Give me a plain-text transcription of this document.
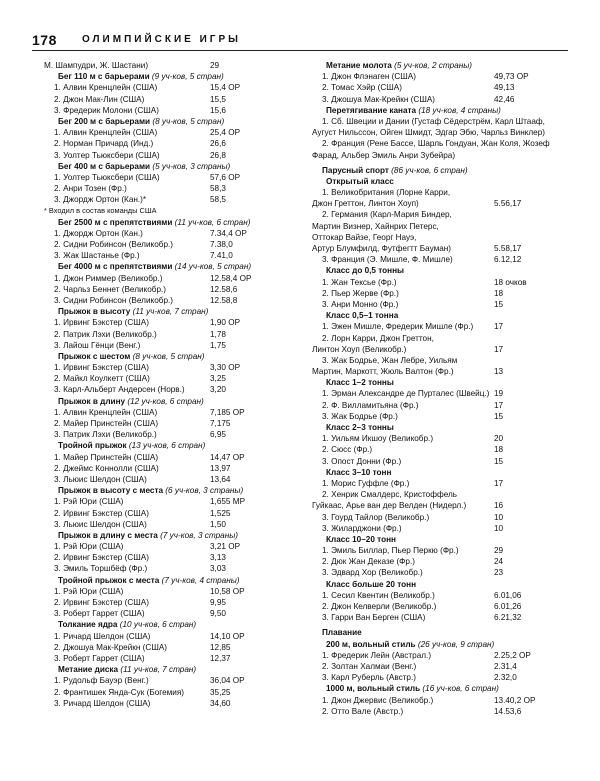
178	ОЛИМПИЙСКИЕ ИГРЫ
М. Шампудри, Ж. Шастани)	29
Бег 110 м с барьерами (9 уч-ков, 5 стран)
1. Алвин Кренцлейн (США)	15,4 ОР
2. Джон Мак-Лин (США)	15,5
3. Фредерик Молони (США)	15,6
Бег 200 м с барьерами (8 уч-ков, 5 стран)
1. Алвин Кренцлейн (США)	25,4 ОР
2. Норман Причард (Инд.)	26,6
3. Уолтер Тьюксбери (США)	26,8
Бег 400 м с барьерами (5 уч-ков, 3 страны)
1. Уолтер Тьюксбери (США)	57,6 ОР
2. Анри Тозен (Фр.)	58,3
3. Джордж Ортон (Кан.)*	58,5
* Входил в состав команды США
Бег 2500 м с препятствиями (11 уч-ков, 6 стран)
1. Джордж Ортон (Кан.)	7.34,4 ОР
2. Сидни Робинсон (Великобр.)	7.38,0
3. Жак Шастанье (Фр.)	7.41,0
Бег 4000 м с препятствиями (14 уч-ков, 5 стран)
1. Джон Риммер (Великобр.)	12.58,4 ОР
2. Чарльз Беннет (Великобр.)	12.58,6
3. Сидни Робинсон (Великобр.)	12.58,8
Прыжок в высоту (11 уч-ков, 7 стран)
1. Ирвинг Бэкстер (США)	1,90 ОР
2. Патрик Лэхи (Великобр.)	1,78
3. Лайош Гёнци (Венг.)	1,75
Прыжок с шестом (8 уч-ков, 5 стран)
1. Ирвинг Бэкстер (США)	3,30 ОР
2. Майкл Коулкетт (США)	3,25
3. Карл-Альберт Андерсен (Норв.)	3,20
Прыжок в длину (12 уч-ков, 6 стран)
1. Алвин Кренцлейн (США)	7,185 ОР
2. Майер Принстейн (США)	7,175
3. Патрик Лэхи (Великобр.)	6,95
Тройной прыжок (13 уч-ков, 6 стран)
1. Майер Принстейн (США)	14,47 ОР
2. Джеймс Коннолли (США)	13,97
3. Льюис Шелдон (США)	13,64
Прыжок в высоту с места (6 уч-ков, 3 страны)
1. Рэй Юри (США)	1,655 МР
2. Ирвинг Бэкстер (США)	1,525
3. Льюис Шелдон (США)	1,50
Прыжок в длину с места (7 уч-ков, 3 страны)
1. Рэй Юри (США)	3,21 ОР
2. Ирвинг Бэкстер (США)	3,13
3. Эмиль Торшбёф (Фр.)	3,03
Тройной прыжок с места (7 уч-ков, 4 страны)
1. Рэй Юри (США)	10,58 ОР
2. Ирвинг Бэкстер (США)	9,95
3. Роберт Гаррет (США)	9,50
Толкание ядра (10 уч-ков, 6 стран)
1. Ричард Шелдон (США)	14,10 ОР
2. Джошуа Мак-Крейкн (США)	12,85
3. Роберт Гаррет (США)	12,37
Метание диска (11 уч-ков, 7 стран)
1. Рудольф Бауэр (Венг.)	36,04 ОР
2. Франтишек Янда-Сук (Богемия)	35,25
3. Ричард Шелдон (США)	34,60
Метание молота (5 уч-ков, 2 страны)
1. Джон Флэнаген (США)	49,73 ОР
2. Томас Хэйр (США)	49,13
3. Джошуа Мак-Крейкн (США)	42,46
Перетягивание каната (18 уч-ков, 4 страны)
1. Сб. Швеции и Дании (Густаф Сёдерстрём, Карл Штааф,
Аугуст Нильссон, Ойген Шмидт, Эдгар Эбю, Чарльз Винклер)
2. Франция (Рене Бассе, Шарль Гондуан, Жан Коля, Жозеф
Фарад, Альбер Эмиль Анри Зубейра)
Парусный спорт (86 уч-ков, 6 стран)
Открытый класс
1. Великобритания (Лорне Карри,
Джон Греттон, Линтон Хоуп)	5.56,17
2. Германия (Карл-Мария Биндер,
Мартин Визнер, Хайнрих Петерс,
Оттокар Вайзе, Георг Науэ,
Артур Блумфилд, Футфегтт Бауман)	5.58,17
3. Франция (Э. Мишле, Ф. Мишле)	6.12,12
Класс до 0,5 тонны
1. Жан Тексье (Фр.)	18 очков
2. Пьер Жерве (Фр.)	18
3. Анри Монно (Фр.)	15
Класс 0,5–1 тонна
1. Эжен Мишле, Фредерик Мишле (Фр.)	17
2. Лорн Карри, Джон Греттон,
Линтон Хоуп (Великобр.)	17
3. Жак Бодрье, Жан Лебре, Уильям
Мартин, Маркотт, Жюль Валтон (Фр.)	13
Класс 1–2 тонны
1. Эрман Александре де Пурталес (Швейц.) 19
2. Ф. Вилламитьяна (Фр.)	17
3. Жак Бодрье (Фр.)	15
Класс 2–3 тонны
1. Уильям Икшоу (Великобр.)	20
2. Сюсс (Фр.)	18
3. Опост Донни (Фр.)	15
Класс 3–10 тонн
1. Морис Гуффле (Фр.)	17
2. Хенрик Смалдерс, Кристоффель
Гуйкаас, Арье ван дер Велден (Нидерл.)	16
3. Гоурд Тайлор (Великобр.)	10
3. Жиларджони (Фр.)	10
Класс 10–20 тонн
1. Эмиль Биллар, Пьер Перкю (Фр.)	29
2. Дюк Жан Деказе (Фр.)	24
3. Эдвард Хор (Великобр.)	23
Класс больше 20 тонн
1. Сесил Квентин (Великобр.)	6.01,06
2. Джон Келверли (Великобр.)	6.01,26
3. Гарри Ван Берген (США)	6.21,32
Плавание
200 м, вольный стиль (26 уч-ков, 9 стран)
1. Фредерик Лейн (Австрал.)	2.25,2 ОР
2. Золтан Халмаи (Венг.)	2.31,4
3. Карл Руберль (Австр.)	2.32,0
1000 м, вольный стиль (16 уч-ков, 6 стран)
1. Джон Джервис (Великобр.)	13.40,2 ОР
2. Отто Вале (Австр.)	14.53,6
